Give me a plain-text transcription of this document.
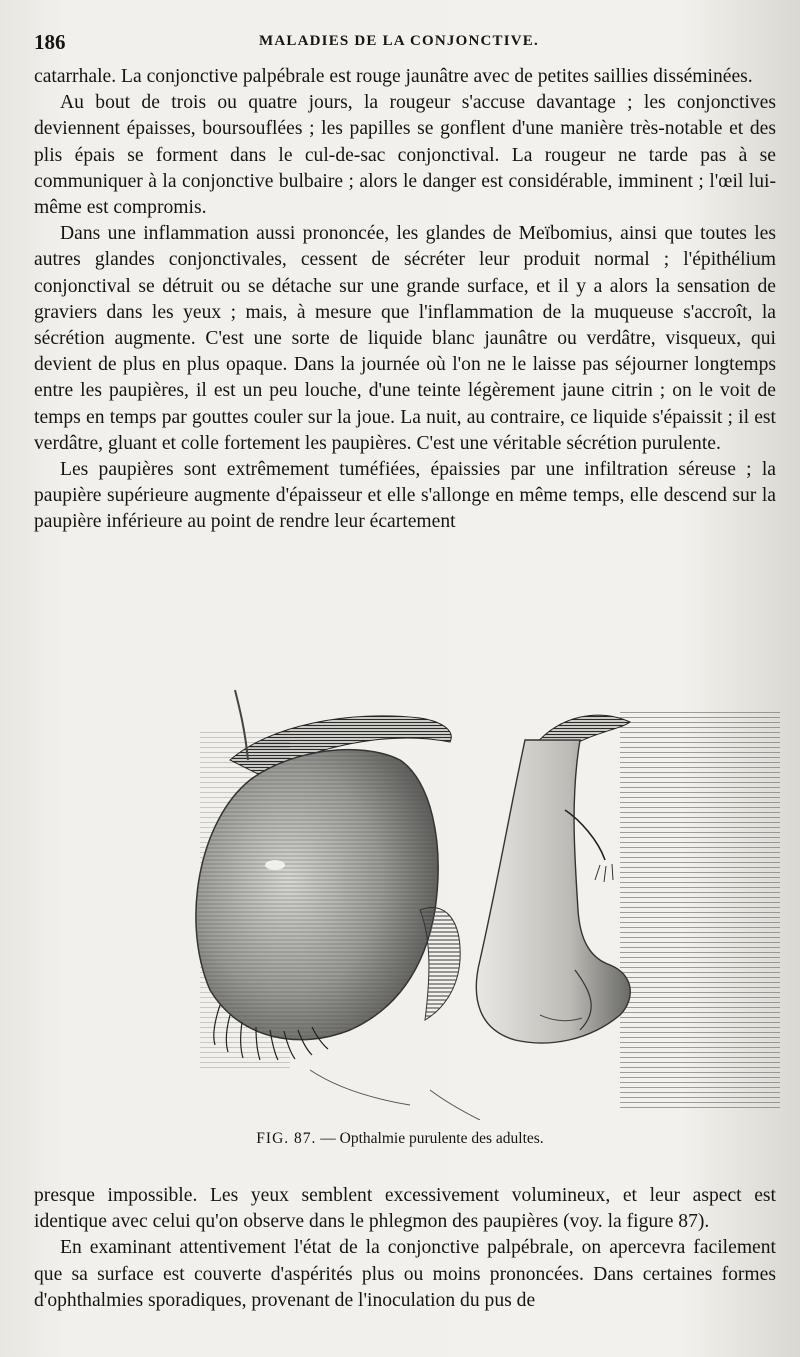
186	MALADIES DE LA CONJONCTIVE.

catarrhale. La conjonctive palpébrale est rouge jaunâtre avec de petites saillies disséminées.

Au bout de trois ou quatre jours, la rougeur s'accuse davantage ; les conjonctives deviennent épaisses, boursouflées ; les papilles se gonflent d'une manière très-notable et des plis épais se forment dans le cul-de-sac conjonctival. La rougeur ne tarde pas à se communiquer à la conjonctive bulbaire ; alors le danger est considérable, imminent ; l'œil lui-même est compromis.

Dans une inflammation aussi prononcée, les glandes de Meïbomius, ainsi que toutes les autres glandes conjonctivales, cessent de sécréter leur produit normal ; l'épithélium conjonctival se détruit ou se détache sur une grande surface, et il y a alors la sensation de graviers dans les yeux ; mais, à mesure que l'inflammation de la muqueuse s'accroît, la sécrétion augmente. C'est une sorte de liquide blanc jaunâtre ou verdâtre, visqueux, qui devient de plus en plus opaque. Dans la journée où l'on ne le laisse pas séjourner longtemps entre les paupières, il est un peu louche, d'une teinte légèrement jaune citrin ; on le voit de temps en temps par gouttes couler sur la joue. La nuit, au contraire, ce liquide s'épaissit ; il est verdâtre, gluant et colle fortement les paupières. C'est une véritable sécrétion purulente.

Les paupières sont extrêmement tuméfiées, épaissies par une infiltration séreuse ; la paupière supérieure augmente d'épaisseur et elle s'allonge en même temps, elle descend sur la paupière inférieure au point de rendre leur écartement

FIG. 87. — Opthalmie purulente des adultes.

presque impossible. Les yeux semblent excessivement volumineux, et leur aspect est identique avec celui qu'on observe dans le phlegmon des paupières (voy. la figure 87).

En examinant attentivement l'état de la conjonctive palpébrale, on apercevra facilement que sa surface est couverte d'aspérités plus ou moins prononcées. Dans certaines formes d'ophthalmies sporadiques, provenant de l'inoculation du pus de
